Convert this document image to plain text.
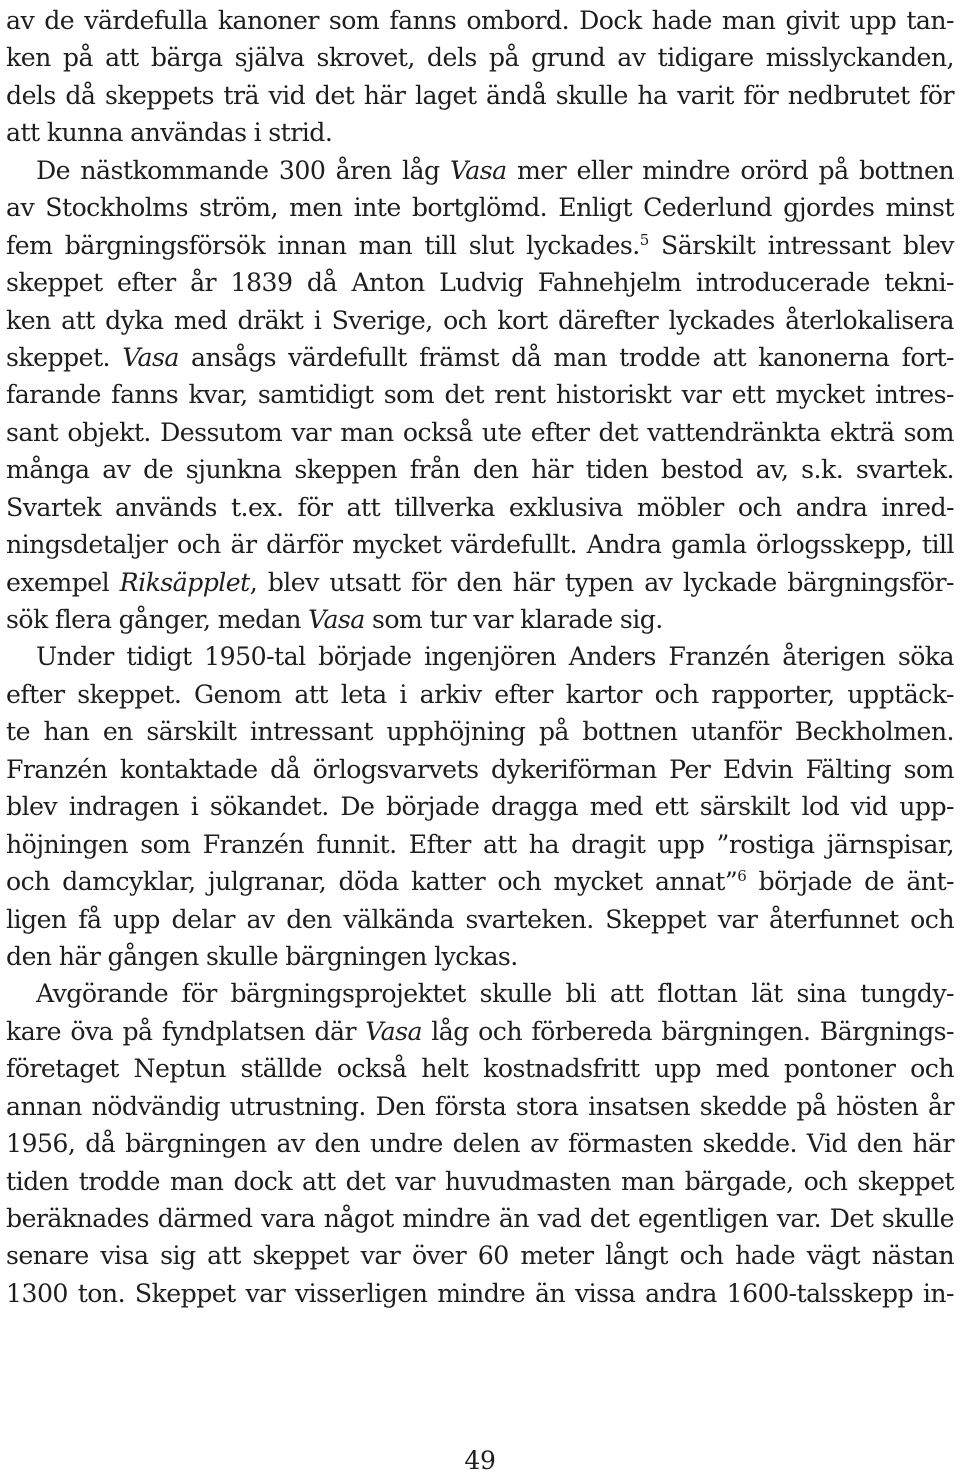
av de värdefulla kanoner som fanns ombord. Dock hade man givit upp tan-
ken på att bärga själva skrovet, dels på grund av tidigare misslyckanden,
dels då skeppets trä vid det här laget ändå skulle ha varit för nedbrutet för
att kunna användas i strid.
De nästkommande 300 åren låg Vasa mer eller mindre orörd på bottnen
av Stockholms ström, men inte bortglömd. Enligt Cederlund gjordes minst
fem bärgningsförsök innan man till slut lyckades.$^5$ Särskilt intressant blev
skeppet efter år 1839 då Anton Ludvig Fahnehjelm introducerade tekni-
ken att dyka med dräkt i Sverige, och kort därefter lyckades återlokalisera
skeppet. Vasa ansågs värdefullt främst då man trodde att kanonerna fort-
farande fanns kvar, samtidigt som det rent historiskt var ett mycket intres-
sant objekt. Dessutom var man också ute efter det vattendränkta ekträ som
många av de sjunkna skeppen från den här tiden bestod av, s.k. svartek.
Svartek används t.ex. för att tillverka exklusiva möbler och andra inred-
ningsdetaljer och är därför mycket värdefullt. Andra gamla örlogsskepp, till
exempel Riksäpplet, blev utsatt för den här typen av lyckade bärgningsför-
sök flera gånger, medan Vasa som tur var klarade sig.
Under tidigt 1950-tal började ingenjören Anders Franzén återigen söka
efter skeppet. Genom att leta i arkiv efter kartor och rapporter, upptäck-
te han en särskilt intressant upphöjning på bottnen utanför Beckholmen.
Franzén kontaktade då örlogsvarvets dykeriförman Per Edvin Fälting som
blev indragen i sökandet. De började dragga med ett särskilt lod vid upp-
höjningen som Franzén funnit. Efter att ha dragit upp ”rostiga järnspisar,
och damcyklar, julgranar, döda katter och mycket annat”$^6$ började de änt-
ligen få upp delar av den välkända svarteken. Skeppet var återfunnet och
den här gången skulle bärgningen lyckas.
Avgörande för bärgningsprojektet skulle bli att flottan lät sina tungdy-
kare öva på fyndplatsen där Vasa låg och förbereda bärgningen. Bärgnings-
företaget Neptun ställde också helt kostnadsfritt upp med pontoner och
annan nödvändig utrustning. Den första stora insatsen skedde på hösten år
1956, då bärgningen av den undre delen av förmasten skedde. Vid den här
tiden trodde man dock att det var huvudmasten man bärgade, och skeppet
beräknades därmed vara något mindre än vad det egentligen var. Det skulle
senare visa sig att skeppet var över 60 meter långt och hade vägt nästan
1300 ton. Skeppet var visserligen mindre än vissa andra 1600-talsskepp in-
49
